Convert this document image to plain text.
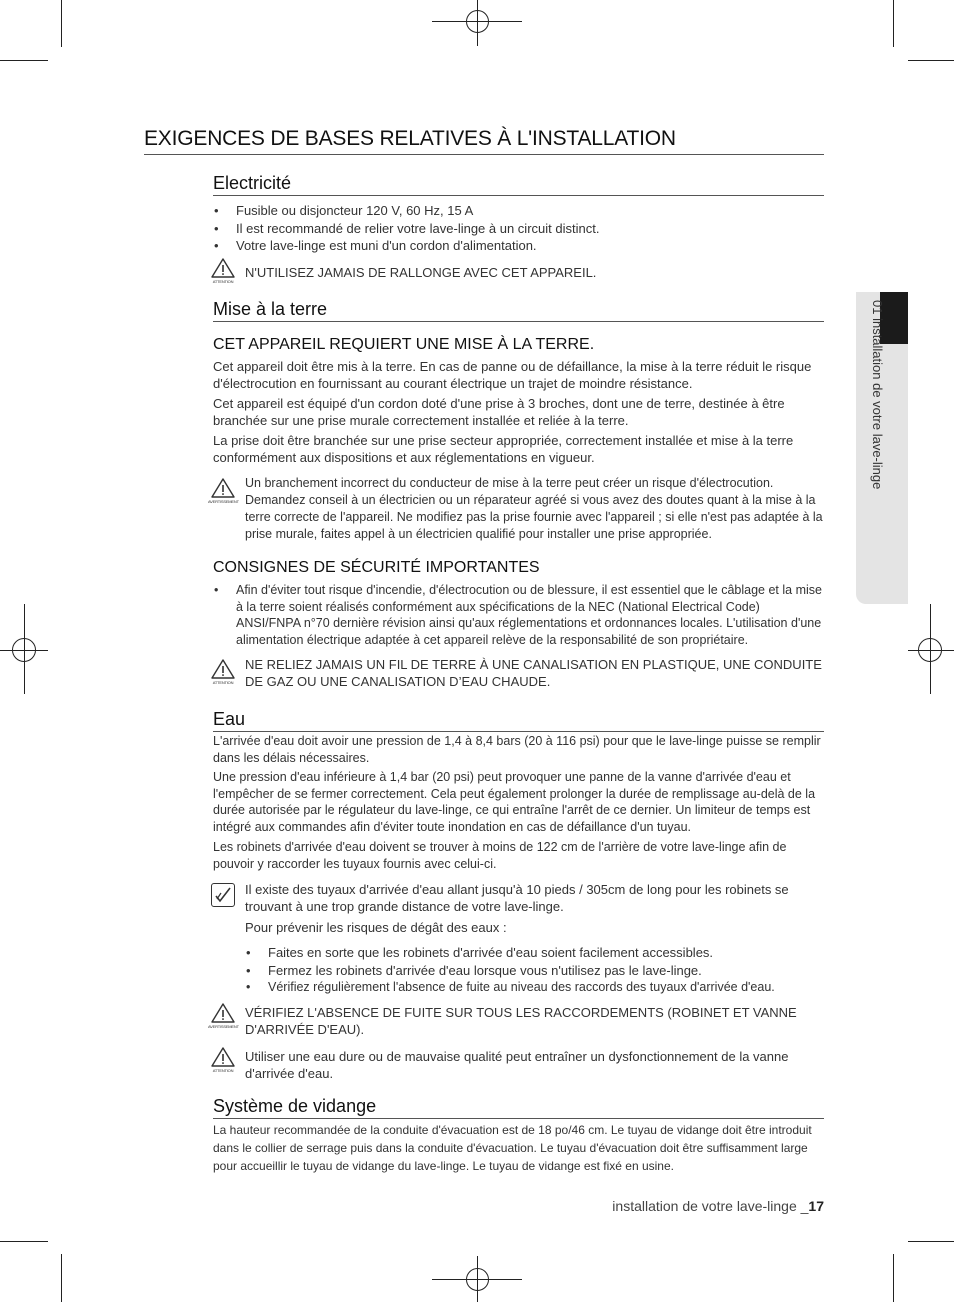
01 installation de votre lave-linge
EXIGENCES DE BASES RELATIVES À L'INSTALLATION
Electricité
• Fusible ou disjoncteur 120 V, 60 Hz, 15 A
• Il est recommandé de relier votre lave-linge à un circuit distinct.
• Votre lave-linge est muni d'un cordon d'alimentation.
ATTENTION
N'UTILISEZ JAMAIS DE RALLONGE AVEC CET APPAREIL.
Mise à la terre
CET APPAREIL REQUIERT UNE MISE À LA TERRE.

Cet appareil doit être mis à la terre. En cas de panne ou de défaillance, la mise à la terre réduit le risque d'électrocution en fournissant au courant électrique un trajet de moindre résistance.

Cet appareil est équipé d'un cordon doté d'une prise à 3 broches, dont une de terre, destinée à être branchée sur une prise murale correctement installée et reliée à la terre.

La prise doit être branchée sur une prise secteur appropriée, correctement installée et mise à la terre conformément aux dispositions et aux réglementations en vigueur.

AVERTISSEMENT
Un branchement incorrect du conducteur de mise à la terre peut créer un risque d'électrocution. Demandez conseil à un électricien ou un réparateur agréé si vous avez des doutes quant à la mise à la terre correcte de l'appareil. Ne modifiez pas la prise fournie avec l'appareil ; si elle n'est pas adaptée à la prise murale, faites appel à un électricien qualifié pour installer une prise appropriée.
CONSIGNES DE SÉCURITÉ IMPORTANTES
• Afin d'éviter tout risque d'incendie, d'électrocution ou de blessure, il est essentiel que le câblage et la mise à la terre soient réalisés conformément aux spécifications de la NEC (National Electrical Code) ANSI/FNPA n°70 dernière révision ainsi qu'aux réglementations et ordonnances locales. L'utilisation d'une alimentation électrique adaptée à cet appareil relève de la responsabilité de son propriétaire.
ATTENTION
NE RELIEZ JAMAIS UN FIL DE TERRE À UNE CANALISATION EN PLASTIQUE, UNE CONDUITE DE GAZ OU UNE CANALISATION D’EAU CHAUDE.
Eau

L'arrivée d'eau doit avoir une pression de 1,4 à 8,4 bars (20 à 116 psi) pour que le lave-linge puisse se remplir dans les délais nécessaires.

Une pression d'eau inférieure à 1,4 bar (20 psi) peut provoquer une panne de la vanne d'arrivée d'eau et l'empêcher de se fermer correctement. Cela peut également prolonger la durée de remplissage au-delà de la durée autorisée par le régulateur du lave-linge, ce qui entraîne l'arrêt de ce dernier. Un limiteur de temps est intégré aux commandes afin d'éviter toute inondation en cas de défaillance d'un tuyau.

Les robinets d'arrivée d'eau doivent se trouver à moins de 122 cm de l'arrière de votre lave-linge afin de pouvoir y raccorder les tuyaux fournis avec celui-ci.

Il existe des tuyaux d'arrivée d'eau allant jusqu'à 10 pieds / 305cm de long pour les robinets se trouvant à une trop grande distance de votre lave-linge.
Pour prévenir les risques de dégât des eaux :
• Faites en sorte que les robinets d'arrivée d'eau soient facilement accessibles.
• Fermez les robinets d'arrivée d'eau lorsque vous n'utilisez pas le lave-linge.
• Vérifiez régulièrement l'absence de fuite au niveau des raccords des tuyaux d'arrivée d'eau.
AVERTISSEMENT
VÉRIFIEZ L'ABSENCE DE FUITE SUR TOUS LES RACCORDEMENTS (ROBINET ET VANNE D'ARRIVÉE D'EAU).
ATTENTION
Utiliser une eau dure ou de mauvaise qualité peut entraîner un dysfonctionnement de la vanne d'arrivée d'eau.
Système de vidange

La hauteur recommandée de la conduite d'évacuation est de 18 po/46 cm. Le tuyau de vidange doit être introduit dans le collier de serrage puis dans la conduite d'évacuation. Le tuyau d'évacuation doit être suffisamment large pour accueillir le tuyau de vidange du lave-linge. Le tuyau de vidange est fixé en usine.

installation de votre lave-linge _17
